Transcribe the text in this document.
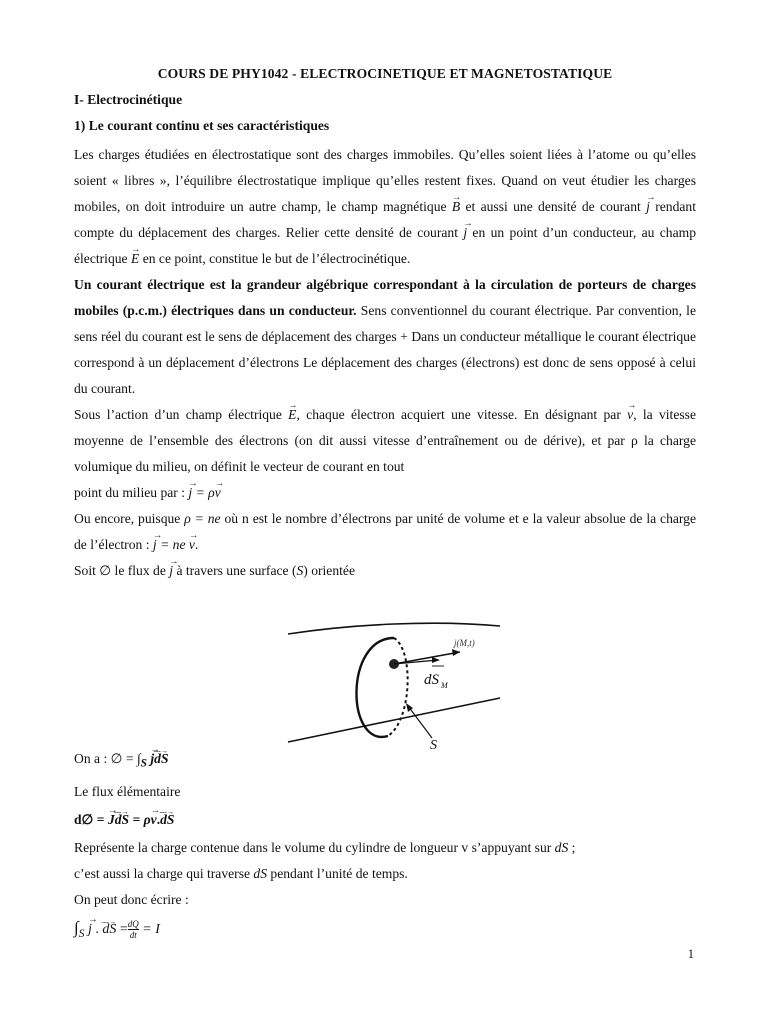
COURS DE PHY1042 - ELECTROCINETIQUE ET MAGNETOSTATIQUE

I- Electrocinétique

1) Le courant continu et ses caractéristiques

Les charges étudiées en électrostatique sont des charges immobiles. Qu’elles soient liées à l’atome ou qu’elles soient « libres », l’équilibre électrostatique implique qu’elles restent fixes. Quand on veut étudier les charges mobiles, on doit introduire un autre champ, le champ magnétique → B et aussi une densité de courant → j rendant compte du déplacement des charges. Relier cette densité de courant → j en un point d’un conducteur, au champ électrique → E en ce point, constitue le but de l’électrocinétique.

Un courant électrique est la grandeur algébrique correspondant à la circulation de porteurs de charges mobiles (p.c.m.) électriques dans un conducteur. Sens conventionnel du courant électrique. Par convention, le sens réel du courant est le sens de déplacement des charges + Dans un conducteur métallique le courant électrique correspond à un déplacement d’électrons Le déplacement des charges (électrons) est donc de sens opposé à celui du courant.

Sous l’action d’un champ électrique → E, chaque électron acquiert une vitesse. En désignant par → v, la vitesse moyenne de l’ensemble des électrons (on dit aussi vitesse d’entraînement ou de dérive), et par ρ la charge volumique du milieu, on définit le vecteur de courant en tout

point du milieu par : → j = ρ→ v

Ou encore, puisque ρ = ne où n est le nombre d’électrons par unité de volume et e la valeur absolue de la charge de l’électron : → j = ne → v.

Soit ∅ le flux de → j à travers une surface (S) orientée

j(M,t)
dS M
S

On a : ∅ = $\int_S \to j-$ - - → dS

Le flux élémentaire

d∅ = → J- - - → dS = ρ→ v.- - - → dS

Représente la charge contenue dans le volume du cylindre de longueur v s’appuyant sur dS ;

c’est aussi la charge qui traverse dS pendant l’unité de temps.

On peut donc écrire :

$\int_S \to j$ . - - - → dS = $\frac{dQ}{dt} = I$

1
